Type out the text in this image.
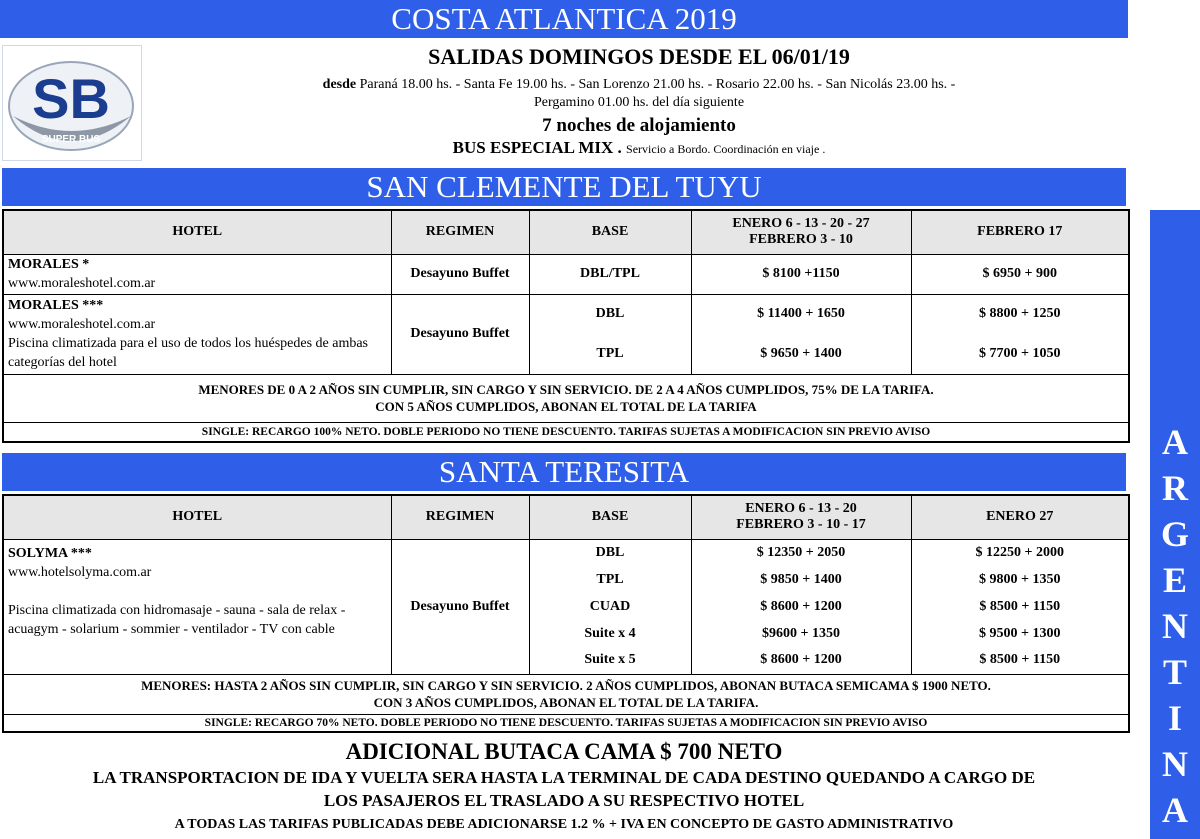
COSTA ATLANTICA 2019
SB
SUPER BUS
SALIDAS DOMINGOS DESDE EL 06/01/19
desde Paraná 18.00 hs. - Santa Fe 19.00 hs. - San Lorenzo 21.00 hs. - Rosario 22.00 hs. - San Nicolás 23.00 hs. -
Pergamino 01.00 hs. del día siguiente
7 noches de alojamiento
BUS ESPECIAL MIX . Servicio a Bordo. Coordinación en viaje .
SAN CLEMENTE DEL TUYU
HOTEL	REGIMEN	BASE	ENERO 6 - 13 - 20 - 27
FEBRERO 3 - 10	FEBRERO 17

MORALES *
www.moraleshotel.com.ar	Desayuno Buffet	DBL/TPL	$ 8100 +1150	$ 6950 + 900

MORALES ***
www.moraleshotel.com.ar
Piscina climatizada para el uso de todos los huéspedes de ambas categorías del hotel	Desayuno Buffet	DBL	$ 11400 + 1650	$ 8800 + 1250
		TPL	$ 9650 + 1400	$ 7700 + 1050

MENORES DE 0 A 2 AÑOS SIN CUMPLIR, SIN CARGO Y SIN SERVICIO. DE 2 A 4 AÑOS CUMPLIDOS, 75% DE LA TARIFA.
CON 5 AÑOS CUMPLIDOS, ABONAN EL TOTAL DE LA TARIFA				

SINGLE: RECARGO 100% NETO. DOBLE PERIODO NO TIENE DESCUENTO. TARIFAS SUJETAS A MODIFICACION SIN PREVIO AVISO				
SANTA TERESITA
HOTEL	REGIMEN	BASE	ENERO 6 - 13 - 20
FEBRERO 3 - 10 - 17	ENERO 27

SOLYMA ***
www.hotelsolyma.com.ar
Piscina climatizada con hidromasaje - sauna - sala de relax - acuagym - solarium - sommier - ventilador - TV con cable	Desayuno Buffet	DBL	$ 12350 + 2050	$ 12250 + 2000
		TPL	$ 9850 + 1400	$ 9800 + 1350
		CUAD	$ 8600 + 1200	$ 8500 + 1150
		Suite x 4	$9600 + 1350	$ 9500 + 1300
		Suite x 5	$ 8600 + 1200	$ 8500 + 1150

MENORES: HASTA 2 AÑOS SIN CUMPLIR, SIN CARGO Y SIN SERVICIO. 2 AÑOS CUMPLIDOS, ABONAN BUTACA SEMICAMA $ 1900 NETO.
CON 3 AÑOS CUMPLIDOS, ABONAN EL TOTAL DE LA TARIFA.				

SINGLE: RECARGO 70% NETO. DOBLE PERIODO NO TIENE DESCUENTO. TARIFAS SUJETAS A MODIFICACION SIN PREVIO AVISO				
A
R
G
E
N
T
I
N
A
ADICIONAL BUTACA CAMA $ 700 NETO
LA TRANSPORTACION DE IDA Y VUELTA SERA HASTA LA TERMINAL DE CADA DESTINO QUEDANDO A CARGO DE
LOS PASAJEROS EL TRASLADO A SU RESPECTIVO HOTEL
A TODAS LAS TARIFAS PUBLICADAS DEBE ADICIONARSE 1.2 % + IVA EN CONCEPTO DE GASTO ADMINISTRATIVO
